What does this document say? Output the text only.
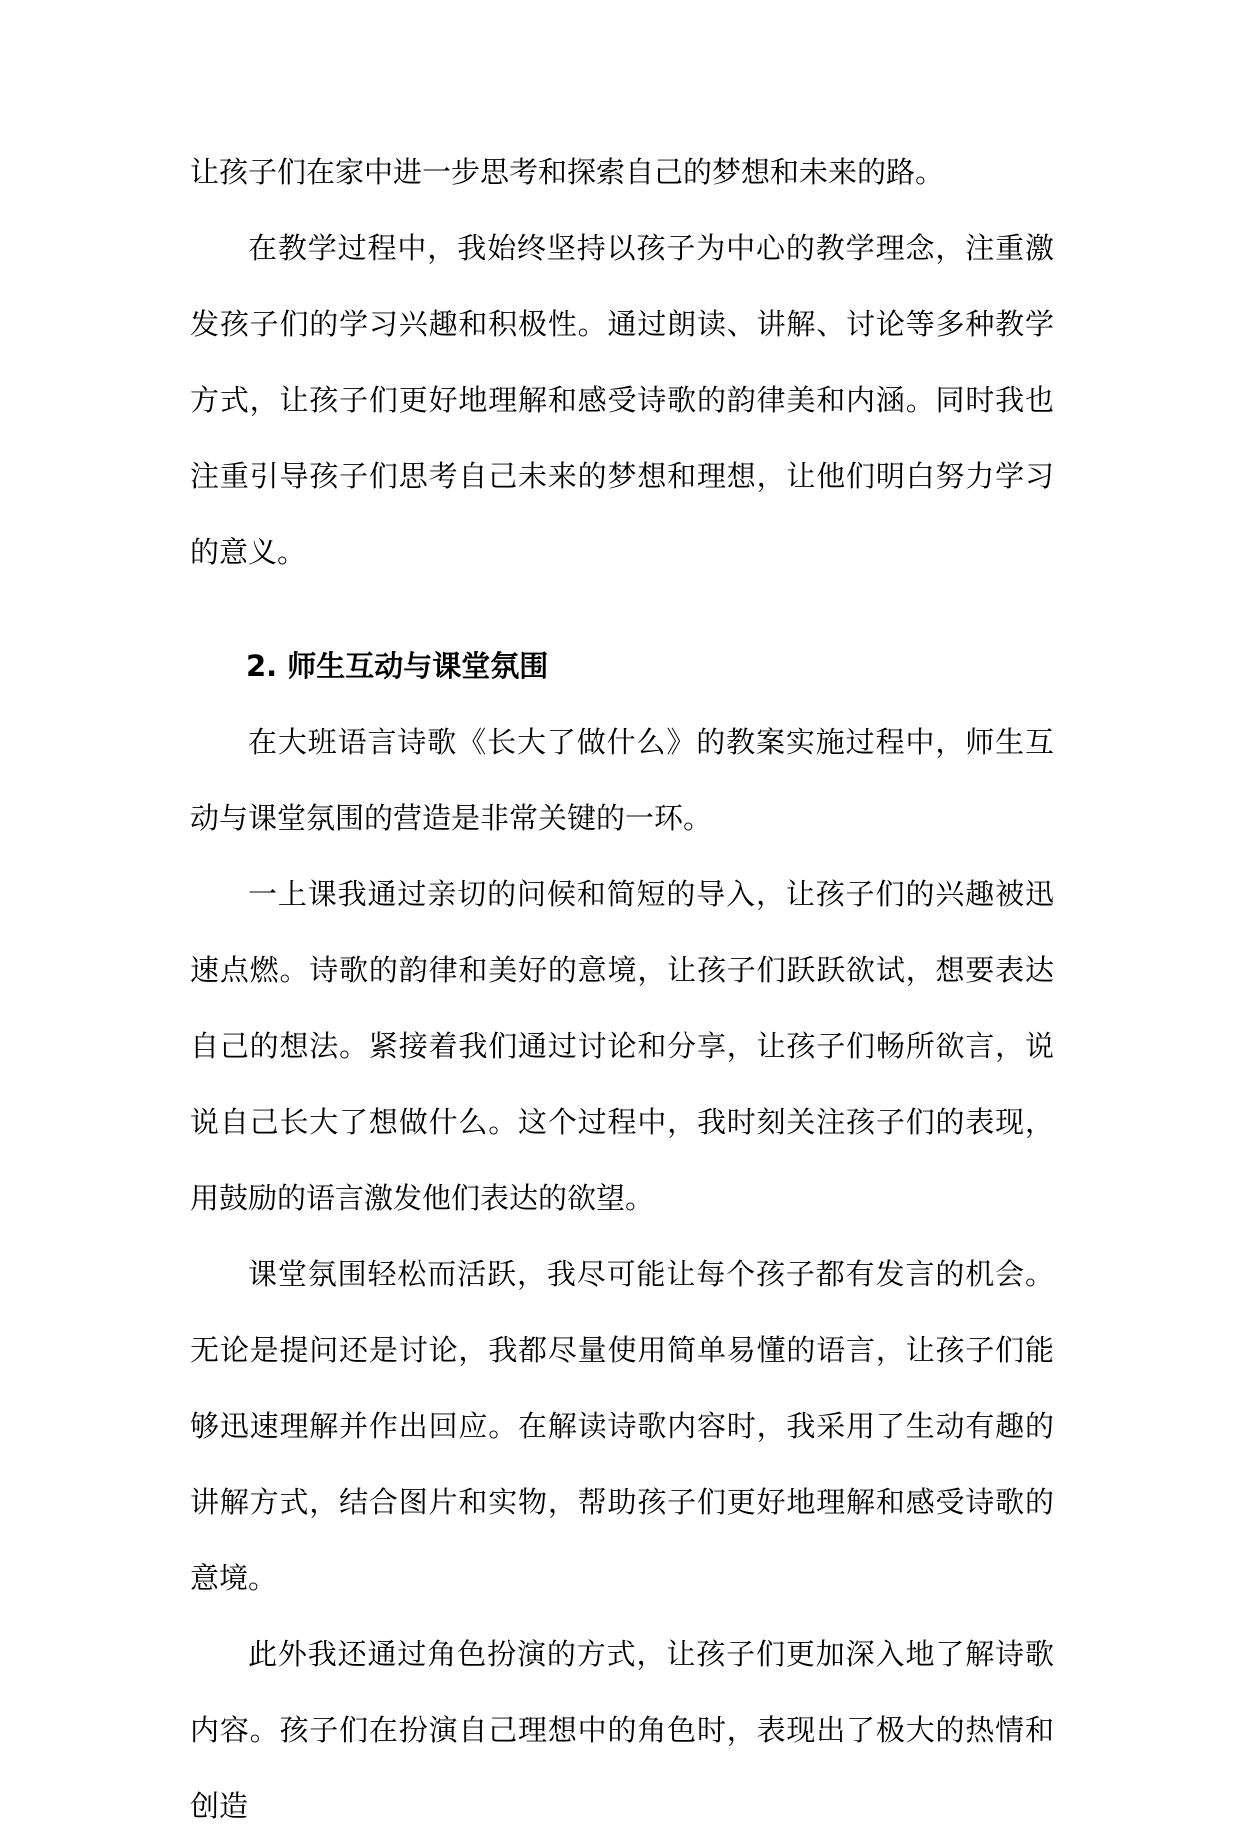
让孩子们在家中进一步思考和探索自己的梦想和未来的路。

在教学过程中，我始终坚持以孩子为中心的教学理念，注重激发孩子们的学习兴趣和积极性。通过朗读、讲解、讨论等多种教学方式，让孩子们更好地理解和感受诗歌的韵律美和内涵。同时我也注重引导孩子们思考自己未来的梦想和理想，让他们明白努力学习的意义。

2. 师生互动与课堂氛围

在大班语言诗歌《长大了做什么》的教案实施过程中，师生互动与课堂氛围的营造是非常关键的一环。

一上课我通过亲切的问候和简短的导入，让孩子们的兴趣被迅速点燃。诗歌的韵律和美好的意境，让孩子们跃跃欲试，想要表达自己的想法。紧接着我们通过讨论和分享，让孩子们畅所欲言，说说自己长大了想做什么。这个过程中，我时刻关注孩子们的表现，用鼓励的语言激发他们表达的欲望。

课堂氛围轻松而活跃，我尽可能让每个孩子都有发言的机会。无论是提问还是讨论，我都尽量使用简单易懂的语言，让孩子们能够迅速理解并作出回应。在解读诗歌内容时，我采用了生动有趣的讲解方式，结合图片和实物，帮助孩子们更好地理解和感受诗歌的意境。

此外我还通过角色扮演的方式，让孩子们更加深入地了解诗歌内容。孩子们在扮演自己理想中的角色时，表现出了极大的热情和创造
